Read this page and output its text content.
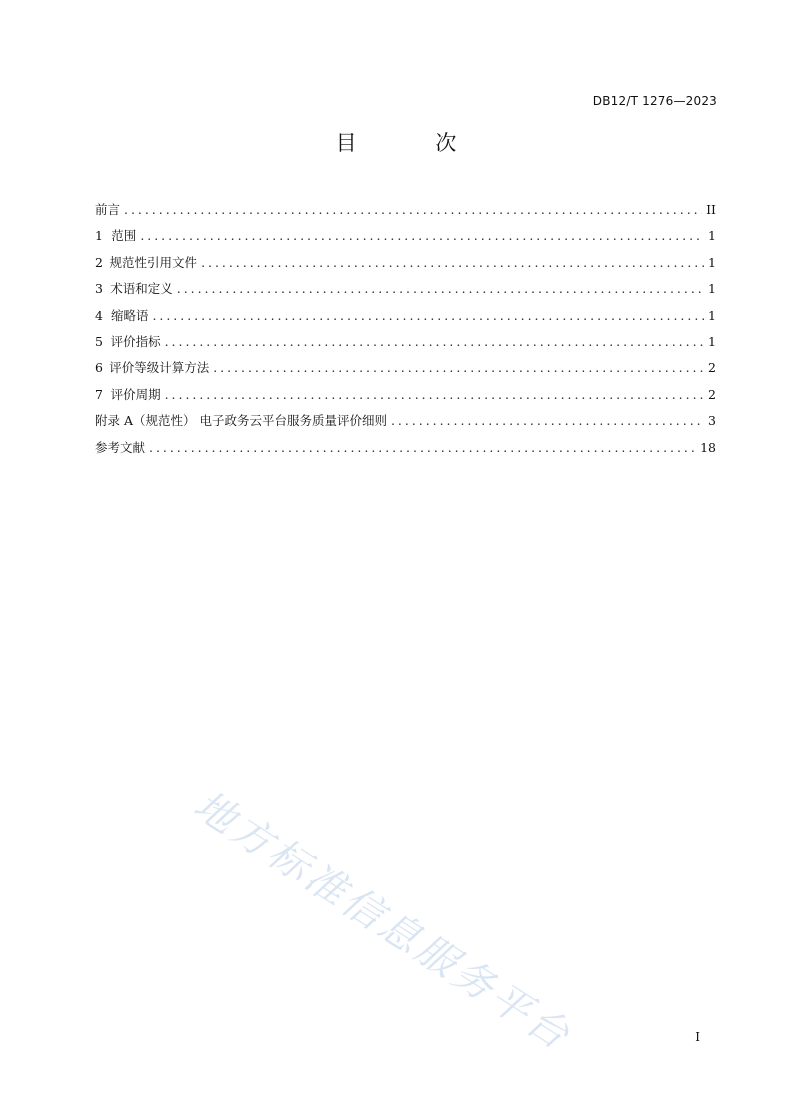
DB12/T 1276—2023
目 次
前言 . . .	II
1 范围 . . .	1
2 规范性引用文件 . . .	1
3 术语和定义 . . .	1
4 缩略语 . . .	1
5 评价指标 . . .	1
6 评价等级计算方法 . . .	2
7 评价周期 . . .	2
附录 A（规范性） 电子政务云平台服务质量评价细则 . . .	3
参考文献 . . .	18
地方标准信息服务平台	I
